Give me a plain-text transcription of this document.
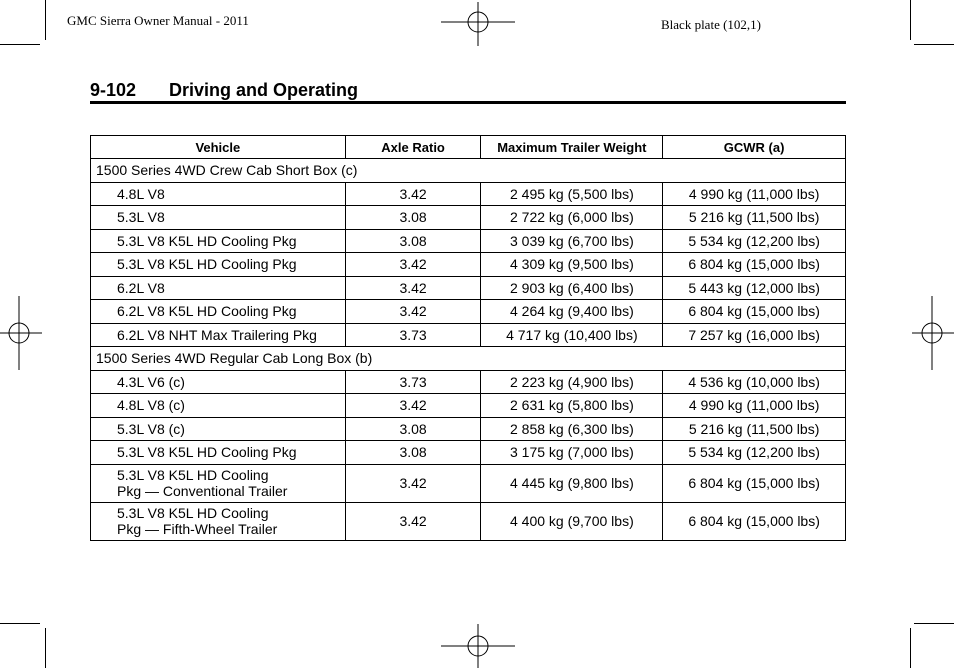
GMC Sierra Owner Manual - 2011	Black plate (102,1)
9-102 Driving and Operating
Vehicle	Axle Ratio	Maximum Trailer Weight	GCWR (a)
1500 Series 4WD Crew Cab Short Box (c)			

4.8L V8	3.42	2 495 kg (5,500 lbs)	4 990 kg (11,000 lbs)

5.3L V8	3.08	2 722 kg (6,000 lbs)	5 216 kg (11,500 lbs)

5.3L V8 K5L HD Cooling Pkg	3.08	3 039 kg (6,700 lbs)	5 534 kg (12,200 lbs)

5.3L V8 K5L HD Cooling Pkg	3.42	4 309 kg (9,500 lbs)	6 804 kg (15,000 lbs)

6.2L V8	3.42	2 903 kg (6,400 lbs)	5 443 kg (12,000 lbs)

6.2L V8 K5L HD Cooling Pkg	3.42	4 264 kg (9,400 lbs)	6 804 kg (15,000 lbs)

6.2L V8 NHT Max Trailering Pkg	3.73	4 717 kg (10,400 lbs)	7 257 kg (16,000 lbs)
1500 Series 4WD Regular Cab Long Box (b)			

4.3L V6 (c)	3.73	2 223 kg (4,900 lbs)	4 536 kg (10,000 lbs)

4.8L V8 (c)	3.42	2 631 kg (5,800 lbs)	4 990 kg (11,000 lbs)

5.3L V8 (c)	3.08	2 858 kg (6,300 lbs)	5 216 kg (11,500 lbs)

5.3L V8 K5L HD Cooling Pkg	3.08	3 175 kg (7,000 lbs)	5 534 kg (12,200 lbs)

5.3L V8 K5L HD Cooling
Pkg — Conventional Trailer	3.42	4 445 kg (9,800 lbs)	6 804 kg (15,000 lbs)

5.3L V8 K5L HD Cooling
Pkg — Fifth-Wheel Trailer	3.42	4 400 kg (9,700 lbs)	6 804 kg (15,000 lbs)
